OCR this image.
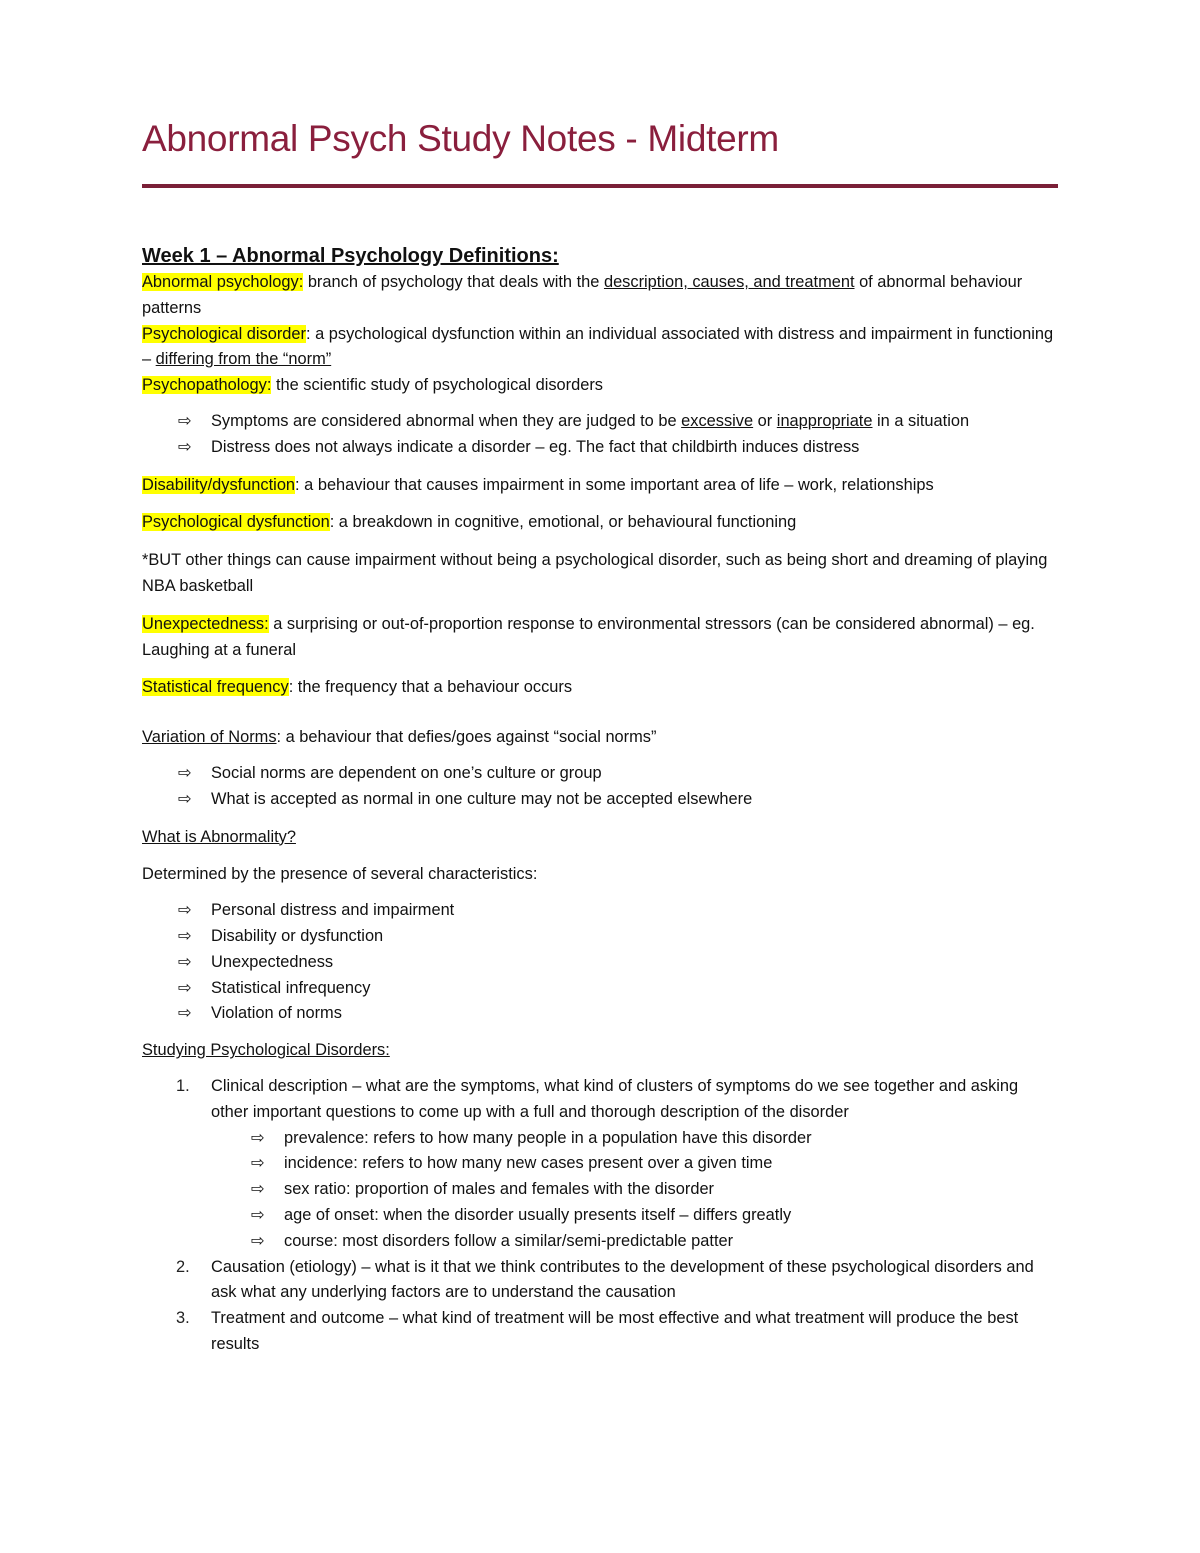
Abnormal Psych Study Notes - Midterm
Week 1 – Abnormal Psychology Definitions:

Abnormal psychology: branch of psychology that deals with the description, causes, and treatment of abnormal behaviour patterns

Psychological disorder: a psychological dysfunction within an individual associated with distress and impairment in functioning – differing from the “norm”

Psychopathology: the scientific study of psychological disorders

⇨ Symptoms are considered abnormal when they are judged to be excessive or inappropriate in a situation
⇨ Distress does not always indicate a disorder – eg. The fact that childbirth induces distress

Disability/dysfunction: a behaviour that causes impairment in some important area of life – work, relationships

Psychological dysfunction: a breakdown in cognitive, emotional, or behavioural functioning

*BUT other things can cause impairment without being a psychological disorder, such as being short and dreaming of playing NBA basketball

Unexpectedness: a surprising or out-of-proportion response to environmental stressors (can be considered abnormal) – eg. Laughing at a funeral

Statistical frequency: the frequency that a behaviour occurs

Variation of Norms: a behaviour that defies/goes against “social norms”

⇨ Social norms are dependent on one’s culture or group
⇨ What is accepted as normal in one culture may not be accepted elsewhere

What is Abnormality?

Determined by the presence of several characteristics:

⇨ Personal distress and impairment
⇨ Disability or dysfunction
⇨ Unexpectedness
⇨ Statistical infrequency
⇨ Violation of norms

Studying Psychological Disorders:

1. Clinical description – what are the symptoms, what kind of clusters of symptoms do we see together and asking other important questions to come up with a full and thorough description of the disorder
⇨ prevalence: refers to how many people in a population have this disorder
⇨ incidence: refers to how many new cases present over a given time
⇨ sex ratio: proportion of males and females with the disorder
⇨ age of onset: when the disorder usually presents itself – differs greatly
⇨ course: most disorders follow a similar/semi-predictable patter
2. Causation (etiology) – what is it that we think contributes to the development of these psychological disorders and ask what any underlying factors are to understand the causation
3. Treatment and outcome – what kind of treatment will be most effective and what treatment will produce the best results
